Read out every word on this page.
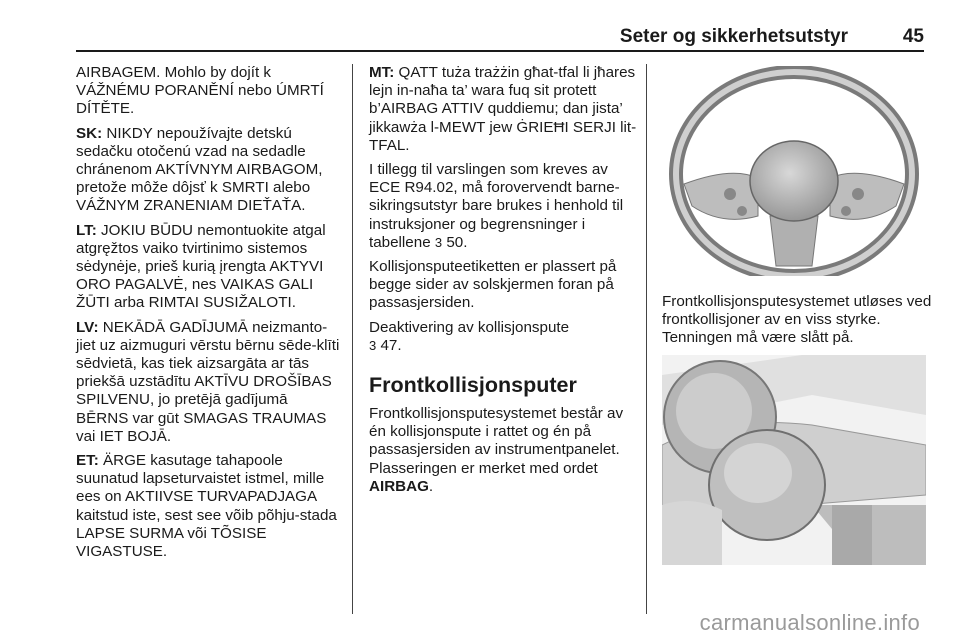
Seter og sikkerhetsutstyr	45

AIRBAGEM. Mohlo by dojít k VÁŽNÉMU PORANĚNÍ nebo ÚMRTÍ DÍTĚTE.

SK: NIKDY nepoužívajte detskú sedačku otočenú vzad na sedadle chránenom AKTÍVNYM AIRBAGOM, pretože môže dôjsť k SMRTI alebo VÁŽNYM ZRANENIAM DIEŤAŤA.

LT: JOKIU BŪDU nemontuokite atgal atgręžtos vaiko tvirtinimo sistemos sėdynėje, prieš kurią įrengta AKTYVI ORO PAGALVĖ, nes VAIKAS GALI ŽŪTI arba RIMTAI SUSIŽALOTI.

LV: NEKĀDĀ GADĪJUMĀ neizmanto-jiet uz aizmuguri vērstu bērnu sēde-klīti sēdvietā, kas tiek aizsargāta ar tās priekšā uzstādītu AKTĪVU DROŠĪBAS SPILVENU, jo pretējā gadījumā BĒRNS var gūt SMAGAS TRAUMAS vai IET BOJĀ.

ET: ÄRGE kasutage tahapoole suunatud lapseturvaistet istmel, mille ees on AKTIIVSE TURVAPADJAGA kaitstud iste, sest see võib põhju-stada LAPSE SURMA või TÕSISE VIGASTUSE.

MT: QATT tuża trażżin għat-tfal li jħares lejn in-naħa ta’ wara fuq sit protett b’AIRBAG ATTIV quddiemu; dan jista’ jikkawża l-MEWT jew ĠRIEĦI SERJI lit-TFAL.

I tillegg til varslingen som kreves av ECE R94.02, må forovervendt barne-sikringsutstyr bare brukes i henhold til instruksjoner og begrensninger i tabellene 3 50.

Kollisjonsputeetiketten er plassert på begge sider av solskjermen foran på passasjersiden.

Deaktivering av kollisjonspute
3 47.

Frontkollisjonsputer

Frontkollisjonsputesystemet består av én kollisjonspute i rattet og én på passasjersiden av instrumentpanelet. Plasseringen er merket med ordet
AIRBAG.

Frontkollisjonsputesystemet utløses ved frontkollisjoner av en viss styrke. Tenningen må være slått på.

carmanualsonline.info
